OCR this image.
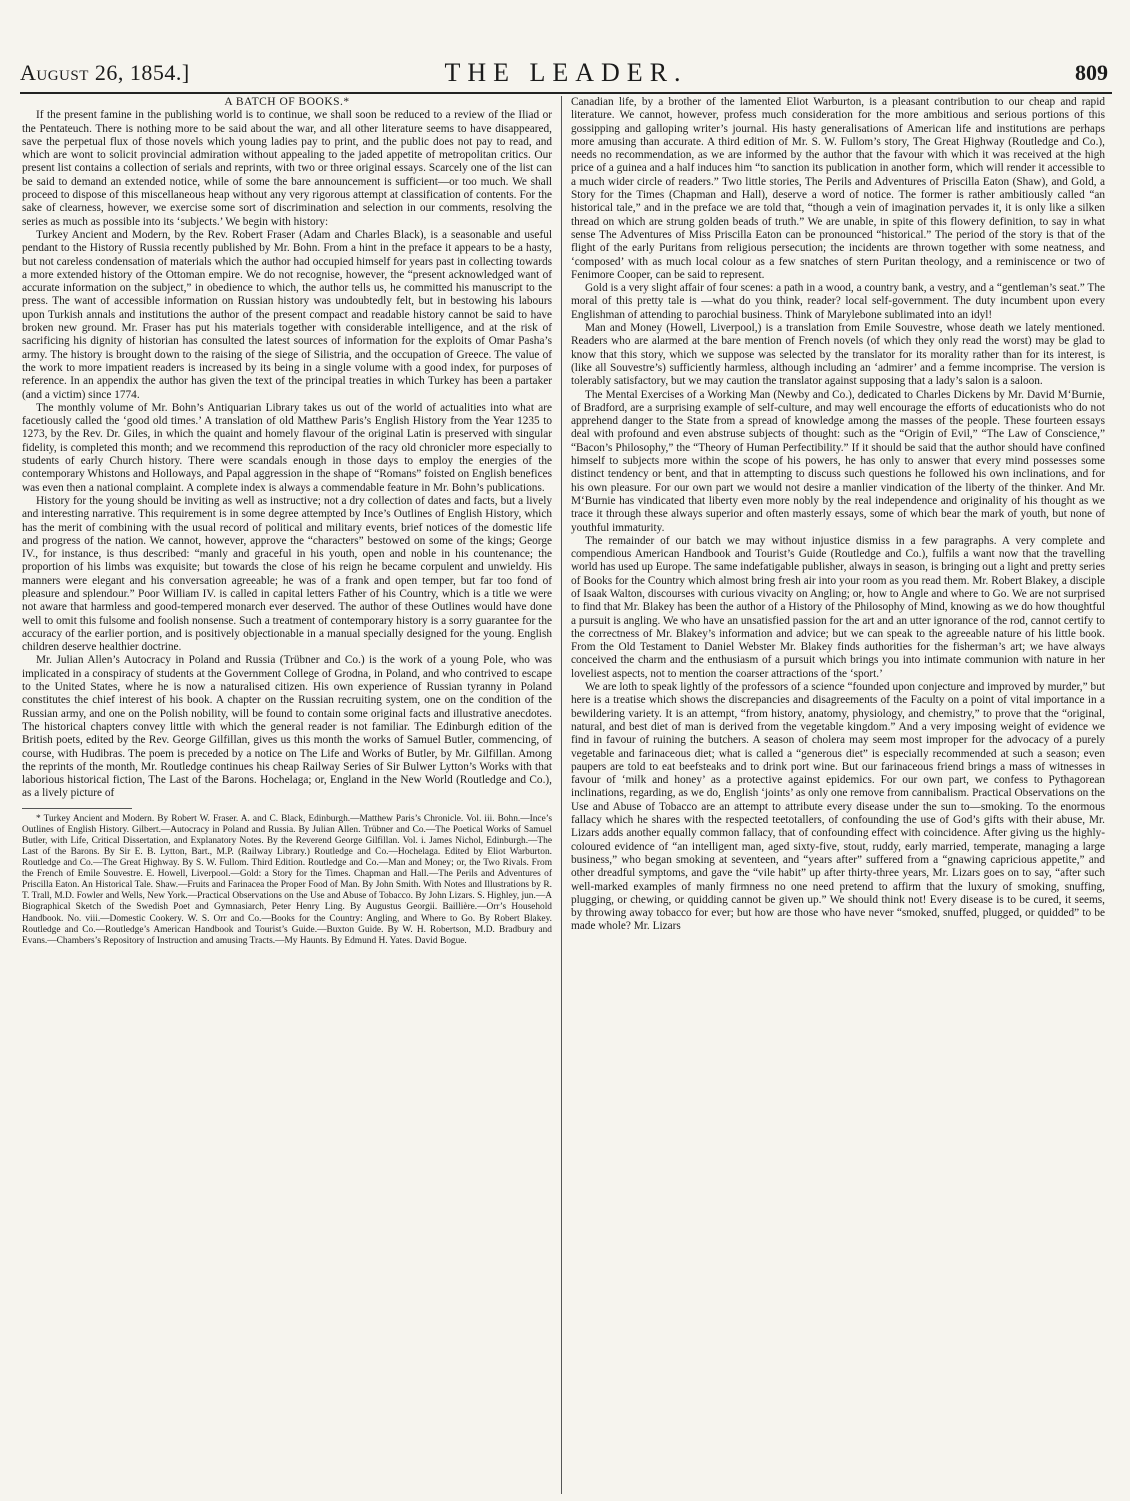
August 26, 1854.]	THE LEADER.	809

A BATCH OF BOOKS.*

If the present famine in the publishing world is to continue, we shall soon be reduced to a review of the Iliad or the Pentateuch. There is nothing more to be said about the war, and all other literature seems to have disappeared, save the perpetual flux of those novels which young ladies pay to print, and the public does not pay to read, and which are wont to solicit provincial admiration without appealing to the jaded appetite of metropolitan critics. Our present list contains a collection of serials and reprints, with two or three original essays. Scarcely one of the list can be said to demand an extended notice, while of some the bare announcement is sufficient—or too much. We shall proceed to dispose of this miscellaneous heap without any very rigorous attempt at classification of contents. For the sake of clearness, however, we exercise some sort of discrimination and selection in our comments, resolving the series as much as possible into its ‘subjects.’ We begin with history:

Turkey Ancient and Modern, by the Rev. Robert Fraser (Adam and Charles Black), is a seasonable and useful pendant to the History of Russia recently published by Mr. Bohn. From a hint in the preface it appears to be a hasty, but not careless condensation of materials which the author had occupied himself for years past in collecting towards a more extended history of the Ottoman empire. We do not recognise, however, the “present acknowledged want of accurate information on the subject,” in obedience to which, the author tells us, he committed his manuscript to the press. The want of accessible information on Russian history was undoubtedly felt, but in bestowing his labours upon Turkish annals and institutions the author of the present compact and readable history cannot be said to have broken new ground. Mr. Fraser has put his materials together with considerable intelligence, and at the risk of sacrificing his dignity of historian has consulted the latest sources of information for the exploits of Omar Pasha’s army. The history is brought down to the raising of the siege of Silistria, and the occupation of Greece. The value of the work to more impatient readers is increased by its being in a single volume with a good index, for purposes of reference. In an appendix the author has given the text of the principal treaties in which Turkey has been a partaker (and a victim) since 1774.

The monthly volume of Mr. Bohn’s Antiquarian Library takes us out of the world of actualities into what are facetiously called the ‘good old times.’ A translation of old Matthew Paris’s English History from the Year 1235 to 1273, by the Rev. Dr. Giles, in which the quaint and homely flavour of the original Latin is preserved with singular fidelity, is completed this month; and we recommend this reproduction of the racy old chronicler more especially to students of early Church history. There were scandals enough in those days to employ the energies of the contemporary Whistons and Holloways, and Papal aggression in the shape of “Romans” foisted on English benefices was even then a national complaint. A complete index is always a commendable feature in Mr. Bohn’s publications.

History for the young should be inviting as well as instructive; not a dry collection of dates and facts, but a lively and interesting narrative. This requirement is in some degree attempted by Ince’s Outlines of English History, which has the merit of combining with the usual record of political and military events, brief notices of the domestic life and progress of the nation. We cannot, however, approve the “characters” bestowed on some of the kings; George IV., for instance, is thus described: “manly and graceful in his youth, open and noble in his countenance; the proportion of his limbs was exquisite; but towards the close of his reign he became corpulent and unwieldy. His manners were elegant and his conversation agreeable; he was of a frank and open temper, but far too fond of pleasure and splendour.” Poor William IV. is called in capital letters Father of his Country, which is a title we were not aware that harmless and good-tempered monarch ever deserved. The author of these Outlines would have done well to omit this fulsome and foolish nonsense. Such a treatment of contemporary history is a sorry guarantee for the accuracy of the earlier portion, and is positively objectionable in a manual specially designed for the young. English children deserve healthier doctrine.

Mr. Julian Allen’s Autocracy in Poland and Russia (Trübner and Co.) is the work of a young Pole, who was implicated in a conspiracy of students at the Government College of Grodna, in Poland, and who contrived to escape to the United States, where he is now a naturalised citizen. His own experience of Russian tyranny in Poland constitutes the chief interest of his book. A chapter on the Russian recruiting system, one on the condition of the Russian army, and one on the Polish nobility, will be found to contain some original facts and illustrative anecdotes. The historical chapters convey little with which the general reader is not familiar. The Edinburgh edition of the British poets, edited by the Rev. George Gilfillan, gives us this month the works of Samuel Butler, commencing, of course, with Hudibras. The poem is preceded by a notice on The Life and Works of Butler, by Mr. Gilfillan. Among the reprints of the month, Mr. Routledge continues his cheap Railway Series of Sir Bulwer Lytton’s Works with that laborious historical fiction, The Last of the Barons. Hochelaga; or, England in the New World (Routledge and Co.), as a lively picture of

* Turkey Ancient and Modern. By Robert W. Fraser. A. and C. Black, Edinburgh.—Matthew Paris’s Chronicle. Vol. iii. Bohn.—Ince’s Outlines of English History. Gilbert.—Autocracy in Poland and Russia. By Julian Allen. Trübner and Co.—The Poetical Works of Samuel Butler, with Life, Critical Dissertation, and Explanatory Notes. By the Reverend George Gilfillan. Vol. i. James Nichol, Edinburgh.—The Last of the Barons. By Sir E. B. Lytton, Bart., M.P. (Railway Library.) Routledge and Co.—Hochelaga. Edited by Eliot Warburton. Routledge and Co.—The Great Highway. By S. W. Fullom. Third Edition. Routledge and Co.—Man and Money; or, the Two Rivals. From the French of Emile Souvestre. E. Howell, Liverpool.—Gold: a Story for the Times. Chapman and Hall.—The Perils and Adventures of Priscilla Eaton. An Historical Tale. Shaw.—Fruits and Farinacea the Proper Food of Man. By John Smith. With Notes and Illustrations by R. T. Trall, M.D. Fowler and Wells, New York.—Practical Observations on the Use and Abuse of Tobacco. By John Lizars. S. Highley, jun.—A Biographical Sketch of the Swedish Poet and Gymnasiarch, Peter Henry Ling. By Augustus Georgii. Baillière.—Orr’s Household Handbook. No. viii.—Domestic Cookery. W. S. Orr and Co.—Books for the Country: Angling, and Where to Go. By Robert Blakey. Routledge and Co.—Routledge’s American Handbook and Tourist’s Guide.—Buxton Guide. By W. H. Robertson, M.D. Bradbury and Evans.—Chambers’s Repository of Instruction and amusing Tracts.—My Haunts. By Edmund H. Yates. David Bogue.

Canadian life, by a brother of the lamented Eliot Warburton, is a pleasant contribution to our cheap and rapid literature. We cannot, however, profess much consideration for the more ambitious and serious portions of this gossipping and galloping writer’s journal. His hasty generalisations of American life and institutions are perhaps more amusing than accurate. A third edition of Mr. S. W. Fullom’s story, The Great Highway (Routledge and Co.), needs no recommendation, as we are informed by the author that the favour with which it was received at the high price of a guinea and a half induces him “to sanction its publication in another form, which will render it accessible to a much wider circle of readers.” Two little stories, The Perils and Adventures of Priscilla Eaton (Shaw), and Gold, a Story for the Times (Chapman and Hall), deserve a word of notice. The former is rather ambitiously called “an historical tale,” and in the preface we are told that, “though a vein of imagination pervades it, it is only like a silken thread on which are strung golden beads of truth.” We are unable, in spite of this flowery definition, to say in what sense The Adventures of Miss Priscilla Eaton can be pronounced “historical.” The period of the story is that of the flight of the early Puritans from religious persecution; the incidents are thrown together with some neatness, and ‘composed’ with as much local colour as a few snatches of stern Puritan theology, and a reminiscence or two of Fenimore Cooper, can be said to represent.

Gold is a very slight affair of four scenes: a path in a wood, a country bank, a vestry, and a “gentleman’s seat.” The moral of this pretty tale is —what do you think, reader? local self-government. The duty incumbent upon every Englishman of attending to parochial business. Think of Marylebone sublimated into an idyl!

Man and Money (Howell, Liverpool,) is a translation from Emile Souvestre, whose death we lately mentioned. Readers who are alarmed at the bare mention of French novels (of which they only read the worst) may be glad to know that this story, which we suppose was selected by the translator for its morality rather than for its interest, is (like all Souvestre’s) sufficiently harmless, although including an ‘admirer’ and a femme incomprise. The version is tolerably satisfactory, but we may caution the translator against supposing that a lady’s salon is a saloon.

The Mental Exercises of a Working Man (Newby and Co.), dedicated to Charles Dickens by Mr. David M‘Burnie, of Bradford, are a surprising example of self-culture, and may well encourage the efforts of educationists who do not apprehend danger to the State from a spread of knowledge among the masses of the people. These fourteen essays deal with profound and even abstruse subjects of thought: such as the “Origin of Evil,” “The Law of Conscience,” “Bacon’s Philosophy,” the “Theory of Human Perfectibility.” If it should be said that the author should have confined himself to subjects more within the scope of his powers, he has only to answer that every mind possesses some distinct tendency or bent, and that in attempting to discuss such questions he followed his own inclinations, and for his own pleasure. For our own part we would not desire a manlier vindication of the liberty of the thinker. And Mr. M‘Burnie has vindicated that liberty even more nobly by the real independence and originality of his thought as we trace it through these always superior and often masterly essays, some of which bear the mark of youth, but none of youthful immaturity.

The remainder of our batch we may without injustice dismiss in a few paragraphs. A very complete and compendious American Handbook and Tourist’s Guide (Routledge and Co.), fulfils a want now that the travelling world has used up Europe. The same indefatigable publisher, always in season, is bringing out a light and pretty series of Books for the Country which almost bring fresh air into your room as you read them. Mr. Robert Blakey, a disciple of Isaak Walton, discourses with curious vivacity on Angling; or, how to Angle and where to Go. We are not surprised to find that Mr. Blakey has been the author of a History of the Philosophy of Mind, knowing as we do how thoughtful a pursuit is angling. We who have an unsatisfied passion for the art and an utter ignorance of the rod, cannot certify to the correctness of Mr. Blakey’s information and advice; but we can speak to the agreeable nature of his little book. From the Old Testament to Daniel Webster Mr. Blakey finds authorities for the fisherman’s art; we have always conceived the charm and the enthusiasm of a pursuit which brings you into intimate communion with nature in her loveliest aspects, not to mention the coarser attractions of the ‘sport.’

We are loth to speak lightly of the professors of a science “founded upon conjecture and improved by murder,” but here is a treatise which shows the discrepancies and disagreements of the Faculty on a point of vital importance in a bewildering variety. It is an attempt, “from history, anatomy, physiology, and chemistry,” to prove that the “original, natural, and best diet of man is derived from the vegetable kingdom.” And a very imposing weight of evidence we find in favour of ruining the butchers. A season of cholera may seem most improper for the advocacy of a purely vegetable and farinaceous diet; what is called a “generous diet” is especially recommended at such a season; even paupers are told to eat beefsteaks and to drink port wine. But our farinaceous friend brings a mass of witnesses in favour of ‘milk and honey’ as a protective against epidemics. For our own part, we confess to Pythagorean inclinations, regarding, as we do, English ‘joints’ as only one remove from cannibalism. Practical Observations on the Use and Abuse of Tobacco are an attempt to attribute every disease under the sun to—smoking. To the enormous fallacy which he shares with the respected teetotallers, of confounding the use of God’s gifts with their abuse, Mr. Lizars adds another equally common fallacy, that of confounding effect with coincidence. After giving us the highly-coloured evidence of “an intelligent man, aged sixty-five, stout, ruddy, early married, temperate, managing a large business,” who began smoking at seventeen, and “years after” suffered from a “gnawing capricious appetite,” and other dreadful symptoms, and gave the “vile habit” up after thirty-three years, Mr. Lizars goes on to say, “after such well-marked examples of manly firmness no one need pretend to affirm that the luxury of smoking, snuffing, plugging, or chewing, or quidding cannot be given up.” We should think not! Every disease is to be cured, it seems, by throwing away tobacco for ever; but how are those who have never “smoked, snuffed, plugged, or quidded” to be made whole? Mr. Lizars
